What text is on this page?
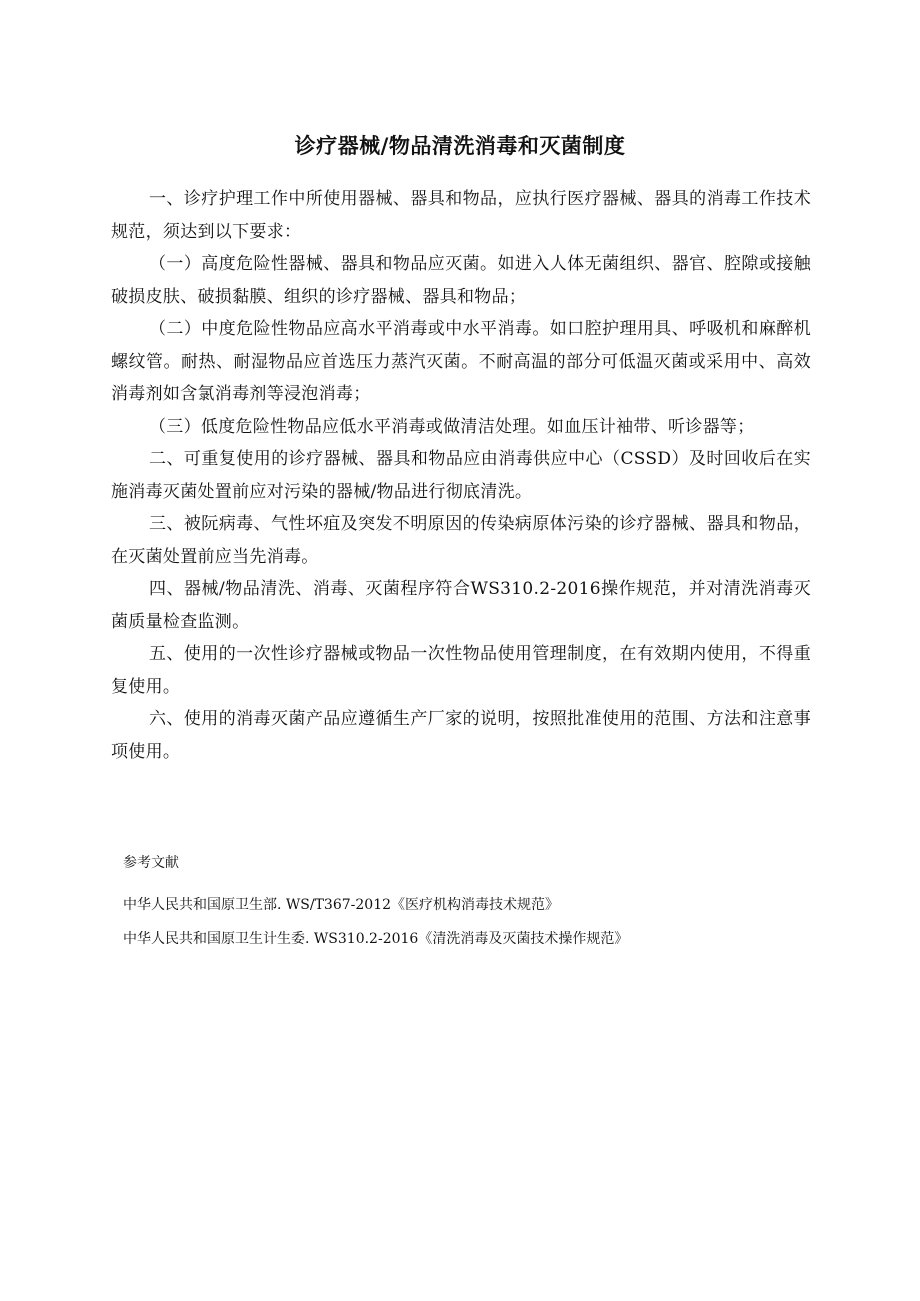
诊疗器械/物品清洗消毒和灭菌制度

一、诊疗护理工作中所使用器械、器具和物品，应执行医疗器械、器具的消毒工作技术规范，须达到以下要求：

（一）高度危险性器械、器具和物品应灭菌。如进入人体无菌组织、器官、腔隙或接触破损皮肤、破损黏膜、组织的诊疗器械、器具和物品；

（二）中度危险性物品应高水平消毒或中水平消毒。如口腔护理用具、呼吸机和麻醉机螺纹管。耐热、耐湿物品应首选压力蒸汽灭菌。不耐高温的部分可低温灭菌或采用中、高效消毒剂如含氯消毒剂等浸泡消毒；

（三）低度危险性物品应低水平消毒或做清洁处理。如血压计袖带、听诊器等；

二、可重复使用的诊疗器械、器具和物品应由消毒供应中心（CSSD）及时回收后在实施消毒灭菌处置前应对污染的器械/物品进行彻底清洗。

三、被阮病毒、气性坏疽及突发不明原因的传染病原体污染的诊疗器械、器具和物品，在灭菌处置前应当先消毒。

四、器械/物品清洗、消毒、灭菌程序符合WS310.2-2016操作规范，并对清洗消毒灭菌质量检查监测。

五、使用的一次性诊疗器械或物品一次性物品使用管理制度，在有效期内使用，不得重复使用。

六、使用的消毒灭菌产品应遵循生产厂家的说明，按照批准使用的范围、方法和注意事项使用。

参考文献

中华人民共和国原卫生部. WS/T367-2012《医疗机构消毒技术规范》

中华人民共和国原卫生计生委. WS310.2-2016《清洗消毒及灭菌技术操作规范》
